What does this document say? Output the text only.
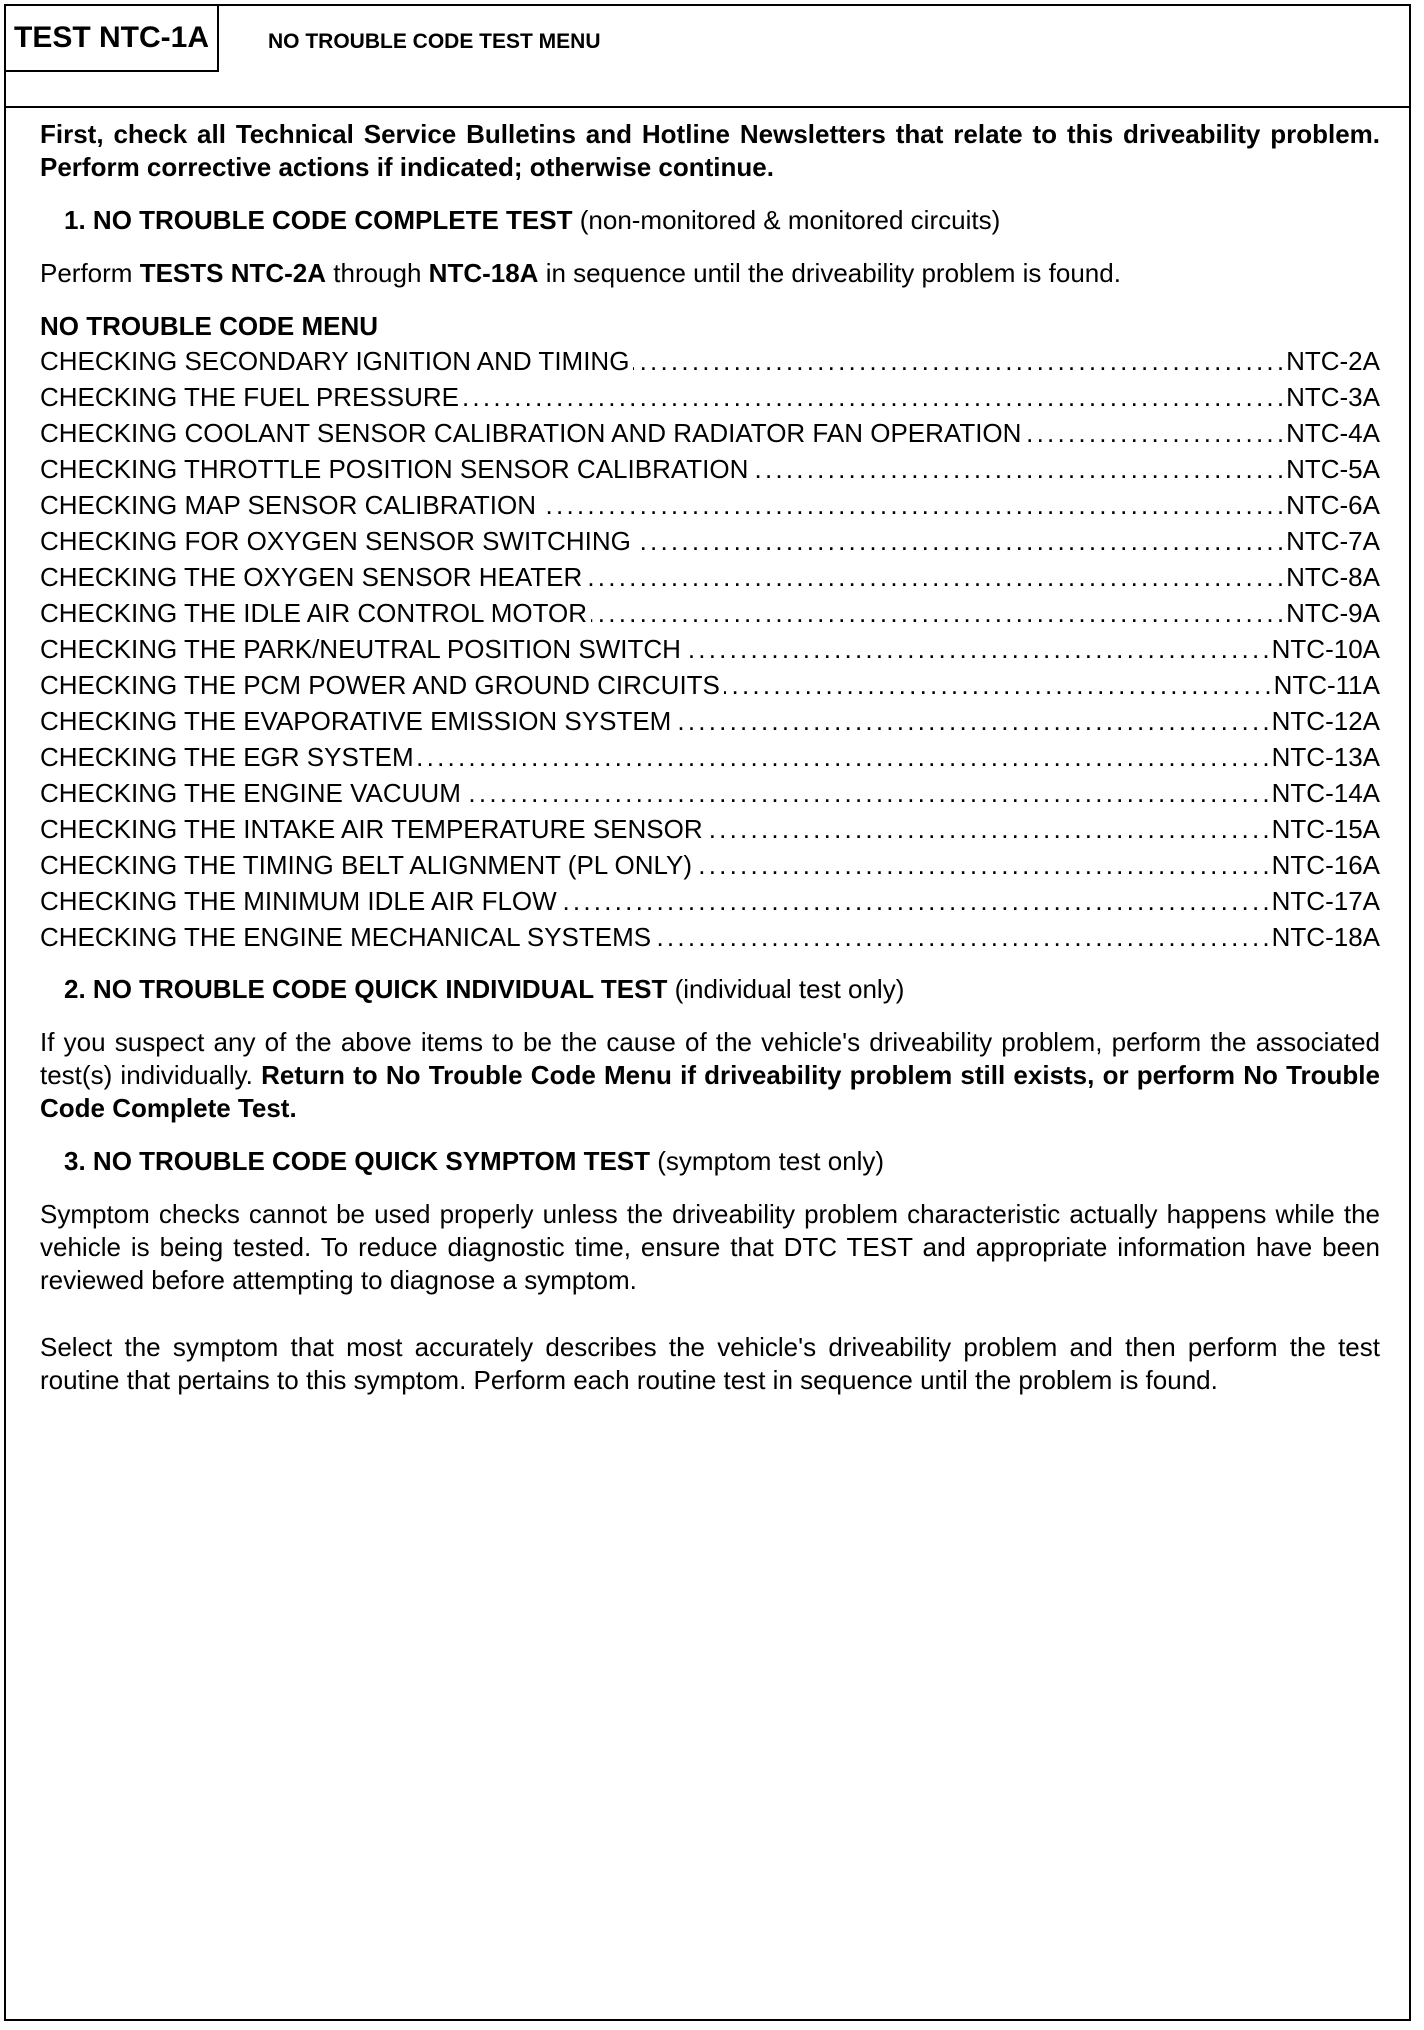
TEST NTC-1A	NO TROUBLE CODE TEST MENU

First, check all Technical Service Bulletins and Hotline Newsletters that relate to this driveability problem. Perform corrective actions if indicated; otherwise continue.

1. NO TROUBLE CODE COMPLETE TEST (non-monitored & monitored circuits)

Perform TESTS NTC-2A through NTC-18A in sequence until the driveability problem is found.

NO TROUBLE CODE MENU

CHECKING SECONDARY IGNITION AND TIMING . . .	NTC-2A
CHECKING THE FUEL PRESSURE . . .	NTC-3A
CHECKING COOLANT SENSOR CALIBRATION AND RADIATOR FAN OPERATION . . .	NTC-4A
CHECKING THROTTLE POSITION SENSOR CALIBRATION . . .	NTC-5A
CHECKING MAP SENSOR CALIBRATION . . .	NTC-6A
CHECKING FOR OXYGEN SENSOR SWITCHING . . .	NTC-7A
CHECKING THE OXYGEN SENSOR HEATER . . .	NTC-8A
CHECKING THE IDLE AIR CONTROL MOTOR . . .	NTC-9A
CHECKING THE PARK/NEUTRAL POSITION SWITCH . . .	NTC-10A
CHECKING THE PCM POWER AND GROUND CIRCUITS . . .	NTC-11A
CHECKING THE EVAPORATIVE EMISSION SYSTEM . . .	NTC-12A
CHECKING THE EGR SYSTEM . . .	NTC-13A
CHECKING THE ENGINE VACUUM . . .	NTC-14A
CHECKING THE INTAKE AIR TEMPERATURE SENSOR . . .	NTC-15A
CHECKING THE TIMING BELT ALIGNMENT (PL ONLY) . . .	NTC-16A
CHECKING THE MINIMUM IDLE AIR FLOW . . .	NTC-17A
CHECKING THE ENGINE MECHANICAL SYSTEMS . . .	NTC-18A

2. NO TROUBLE CODE QUICK INDIVIDUAL TEST (individual test only)

If you suspect any of the above items to be the cause of the vehicle's driveability problem, perform the associated test(s) individually. Return to No Trouble Code Menu if driveability problem still exists, or perform No Trouble Code Complete Test.

3. NO TROUBLE CODE QUICK SYMPTOM TEST (symptom test only)

Symptom checks cannot be used properly unless the driveability problem characteristic actually happens while the vehicle is being tested. To reduce diagnostic time, ensure that DTC TEST and appropriate information have been reviewed before attempting to diagnose a symptom.

Select the symptom that most accurately describes the vehicle's driveability problem and then perform the test routine that pertains to this symptom. Perform each routine test in sequence until the problem is found.
